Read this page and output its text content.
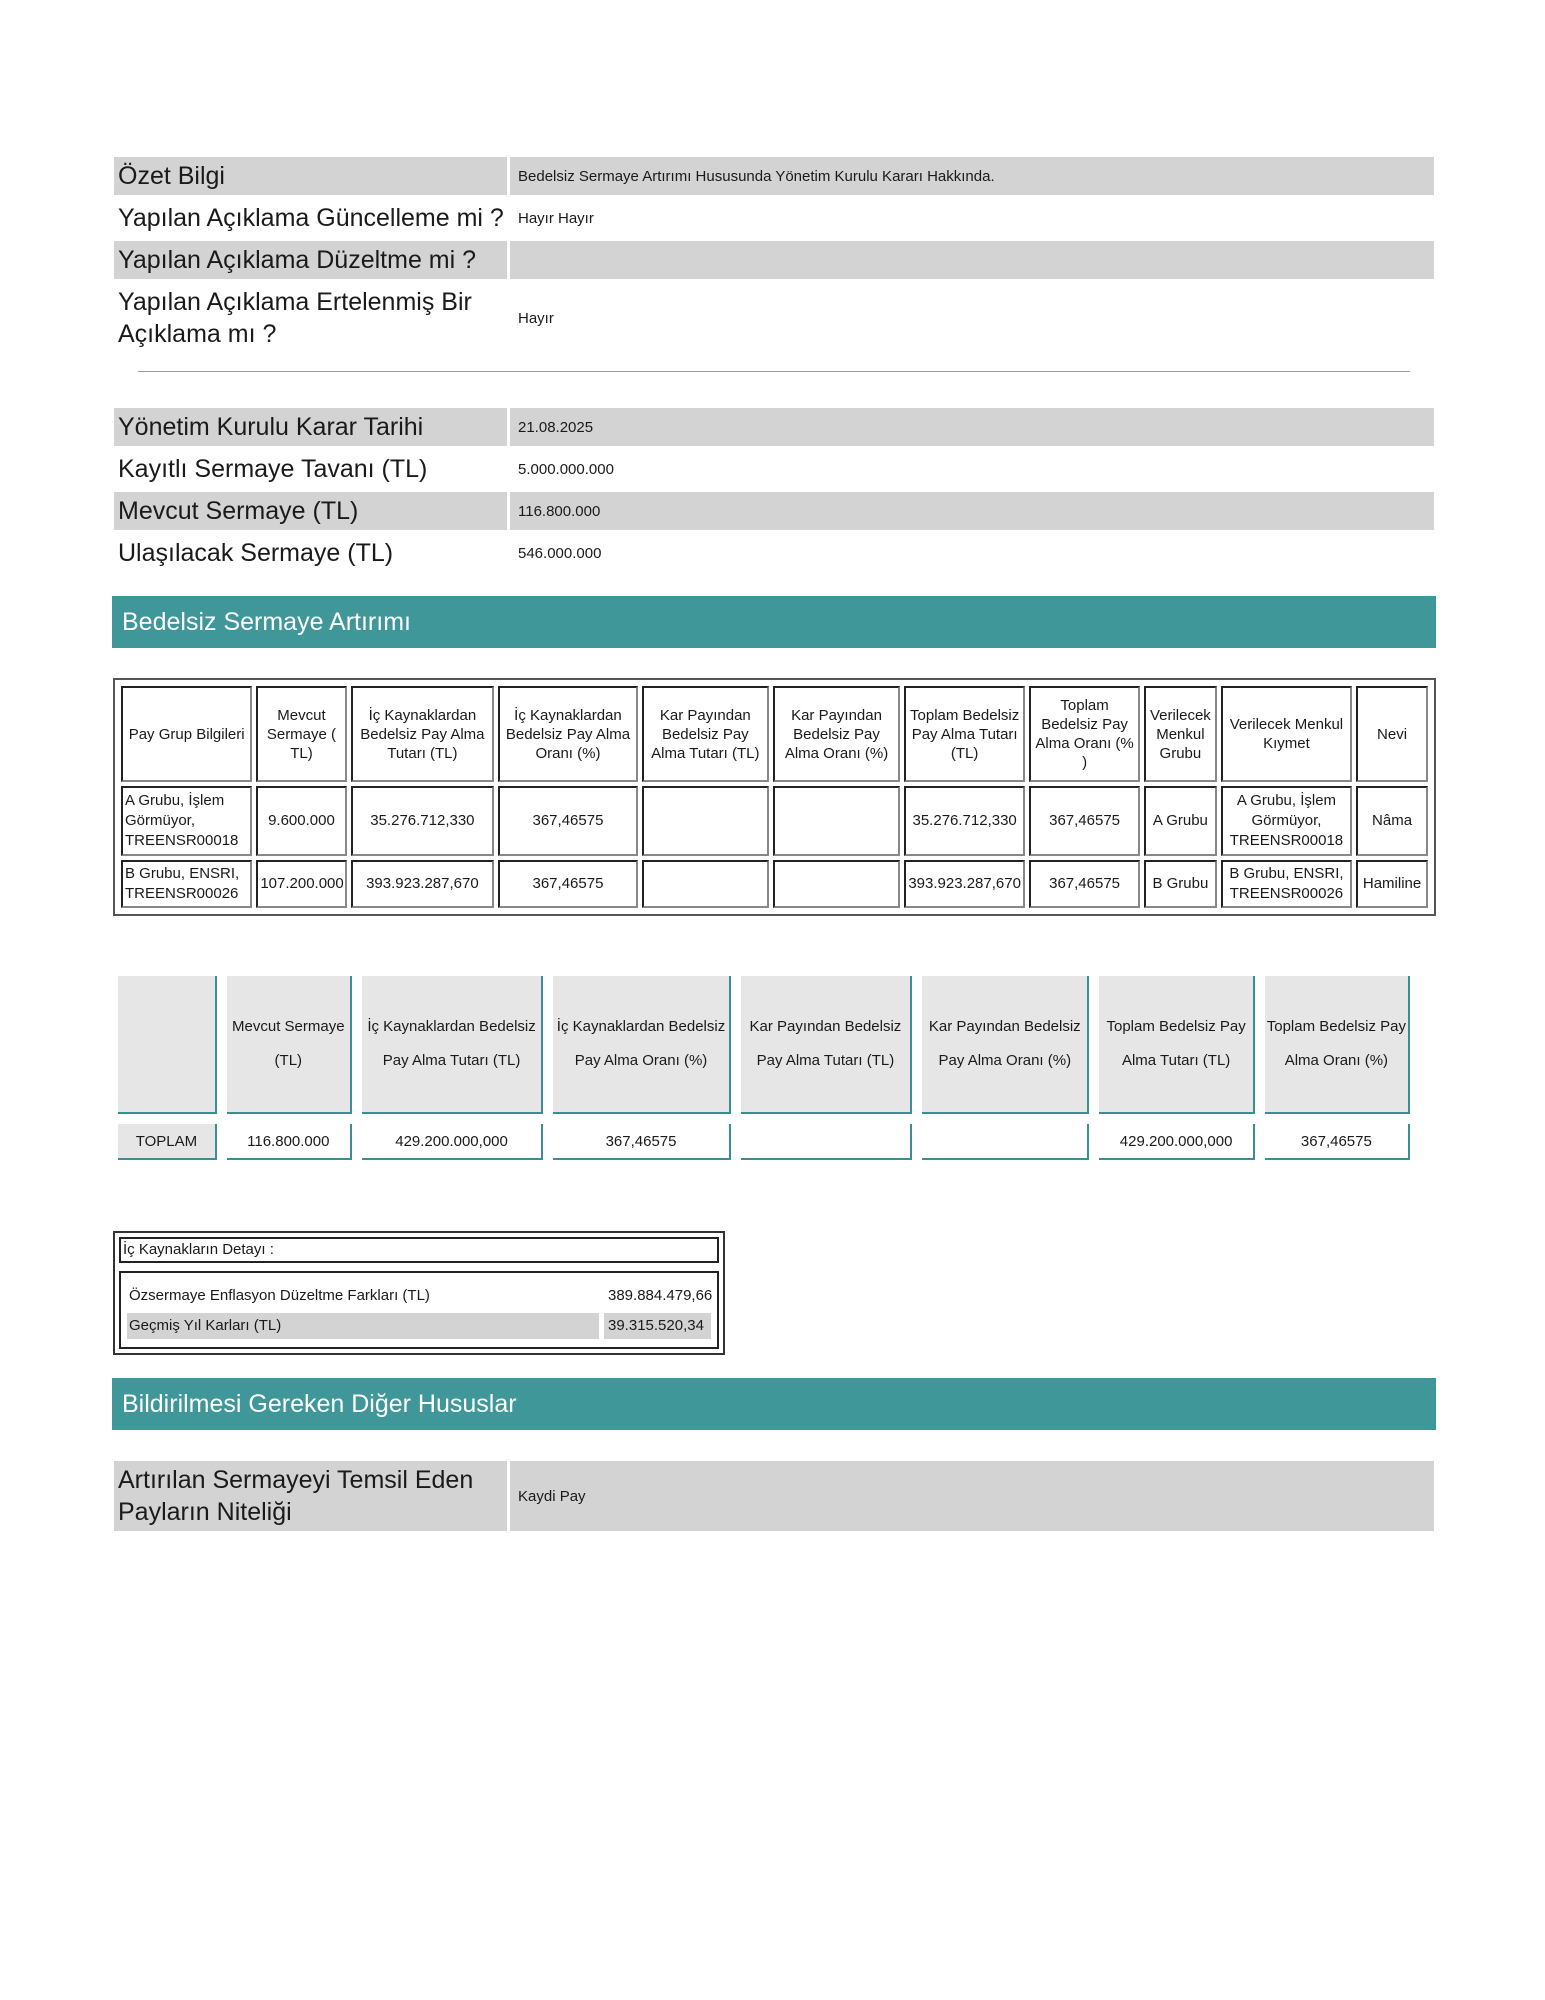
Özet Bilgi	Bedelsiz Sermaye Artırımı Hususunda Yönetim Kurulu Kararı Hakkında.
Yapılan Açıklama Güncelleme mi ?	Hayır Hayır
Yapılan Açıklama Düzeltme mi ?	
Yapılan Açıklama Ertelenmiş Bir Açıklama mı ?	Hayır
Yönetim Kurulu Karar Tarihi	21.08.2025
Kayıtlı Sermaye Tavanı (TL)	5.000.000.000
Mevcut Sermaye (TL)	116.800.000
Ulaşılacak Sermaye (TL)	546.000.000
Bedelsiz Sermaye Artırımı
Pay Grup Bilgileri	Mevcut Sermaye ( TL)	İç Kaynaklardan Bedelsiz Pay Alma Tutarı (TL)	İç Kaynaklardan Bedelsiz Pay Alma Oranı (%)	Kar Payından Bedelsiz Pay Alma Tutarı (TL)	Kar Payından Bedelsiz Pay Alma Oranı (%)	Toplam Bedelsiz Pay Alma Tutarı (TL)	Toplam Bedelsiz Pay Alma Oranı (% )	Verilecek Menkul Grubu	Verilecek Menkul Kıymet	Nevi
A Grubu, İşlem Görmüyor, TREENSR00018	9.600.000	35.276.712,330	367,46575			35.276.712,330	367,46575	A Grubu	A Grubu, İşlem Görmüyor, TREENSR00018	Nâma
B Grubu, ENSRI, TREENSR00026	107.200.000	393.923.287,670	367,46575			393.923.287,670	367,46575	B Grubu	B Grubu, ENSRI, TREENSR00026	Hamiline
	Mevcut Sermaye (TL)	İç Kaynaklardan Bedelsiz Pay Alma Tutarı (TL)	İç Kaynaklardan Bedelsiz Pay Alma Oranı (%)	Kar Payından Bedelsiz Pay Alma Tutarı (TL)	Kar Payından Bedelsiz Pay Alma Oranı (%)	Toplam Bedelsiz Pay Alma Tutarı (TL)	Toplam Bedelsiz Pay Alma Oranı (%)
TOPLAM	116.800.000	429.200.000,000	367,46575			429.200.000,000	367,46575
İç Kaynakların Detayı :
Özsermaye Enflasyon Düzeltme Farkları (TL)	389.884.479,66
Geçmiş Yıl Karları (TL)	39.315.520,34
Bildirilmesi Gereken Diğer Hususlar
Artırılan Sermayeyi Temsil Eden Payların Niteliği	Kaydi Pay
